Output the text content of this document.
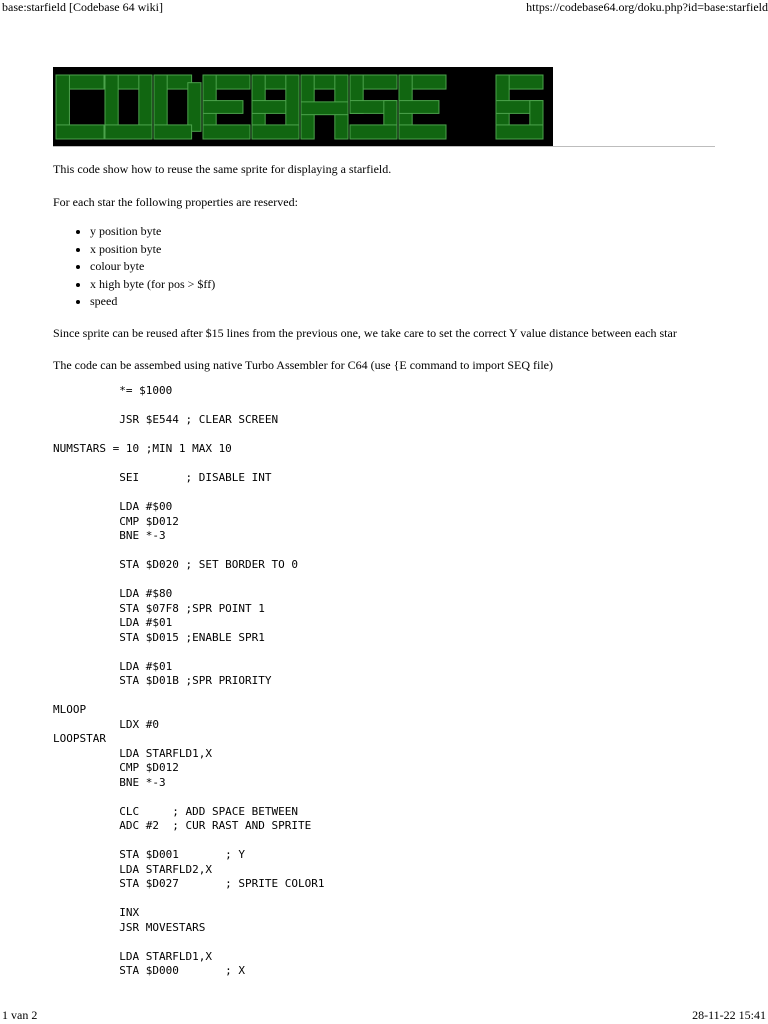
base:starfield [Codebase 64 wiki]	https://codebase64.org/doku.php?id=base:starfield

This code show how to reuse the same sprite for displaying a starfield.

For each star the following properties are reserved:

• y position byte
• x position byte
• colour byte
• x high byte (for pos > $ff)
• speed

Since sprite can be reused after $15 lines from the previous one, we take care to set the correct Y value distance between each star

The code can be assembed using native Turbo Assembler for C64 (use {E command to import SEQ file)

*= $1000

JSR $E544 ; CLEAR SCREEN

NUMSTARS = 10 ;MIN 1 MAX 10

SEI       ; DISABLE INT

LDA #$00
CMP $D012
BNE *-3

STA $D020 ; SET BORDER TO 0

LDA #$80
STA $07F8 ;SPR POINT 1
LDA #$01
STA $D015 ;ENABLE SPR1

LDA #$01
STA $D01B ;SPR PRIORITY

MLOOP
LDX #0
LOOPSTAR
LDA STARFLD1,X
CMP $D012
BNE *-3

CLC     ; ADD SPACE BETWEEN
ADC #2  ; CUR RAST AND SPRITE

STA $D001       ; Y
LDA STARFLD2,X
STA $D027       ; SPRITE COLOR1

INX
JSR MOVESTARS

LDA STARFLD1,X
STA $D000       ; X

1 van 2	28-11-22 15:41
